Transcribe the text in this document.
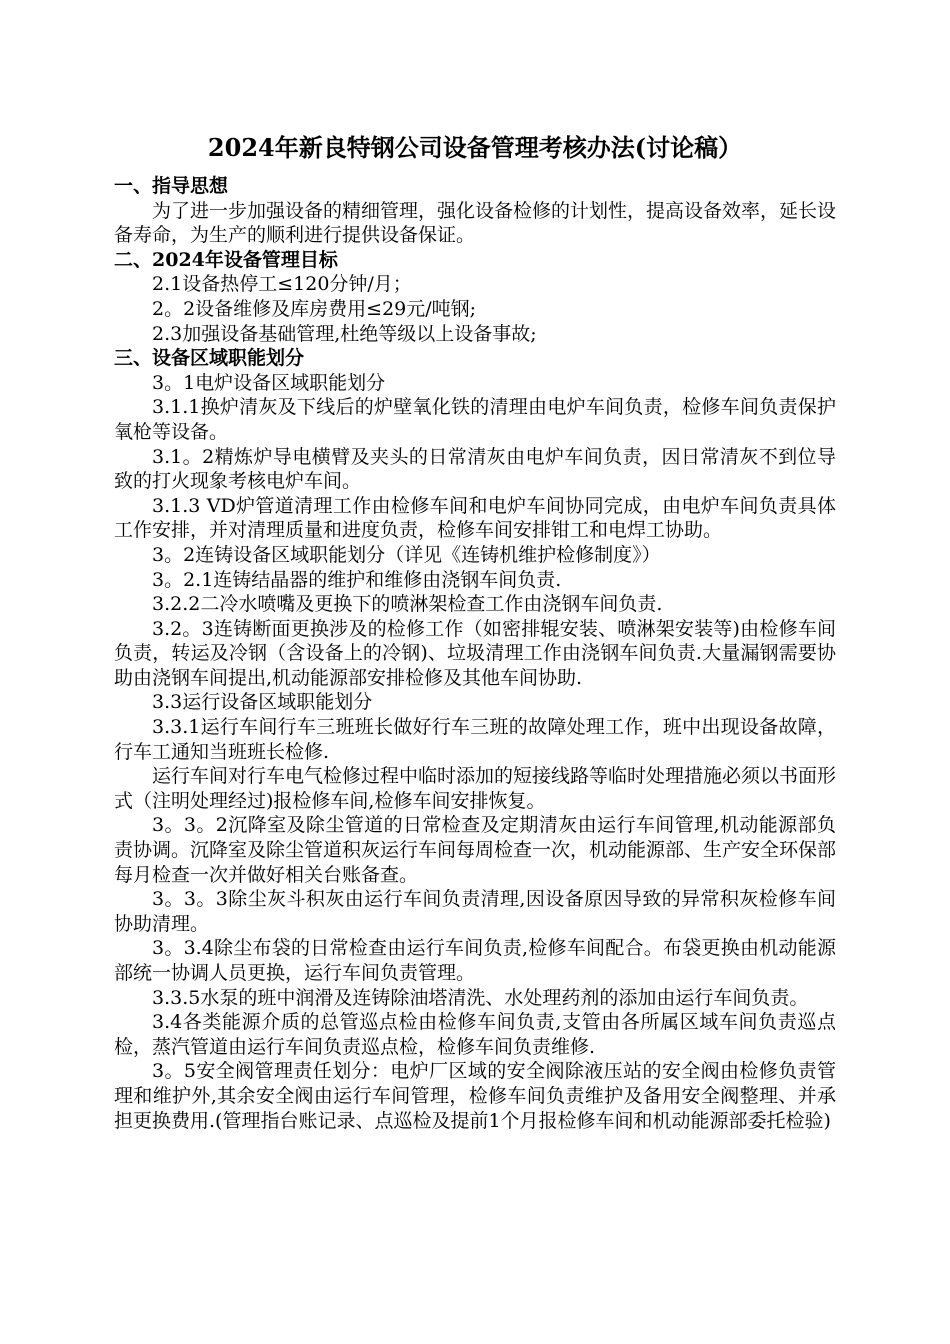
2024年新良特钢公司设备管理考核办法(讨论稿）

一、指导思想

为了进一步加强设备的精细管理，强化设备检修的计划性，提高设备效率，延长设备寿命，为生产的顺利进行提供设备保证。

二、2024年设备管理目标

2.1设备热停工≤120分钟/月；

2。2设备维修及库房费用≤29元/吨钢;

2.3加强设备基础管理,杜绝等级以上设备事故;

三、设备区域职能划分

3。1电炉设备区域职能划分

3.1.1换炉清灰及下线后的炉壁氧化铁的清理由电炉车间负责，检修车间负责保护氧枪等设备。

3.1。2精炼炉导电横臂及夹头的日常清灰由电炉车间负责，因日常清灰不到位导致的打火现象考核电炉车间。

3.1.3 VD炉管道清理工作由检修车间和电炉车间协同完成，由电炉车间负责具体工作安排，并对清理质量和进度负责，检修车间安排钳工和电焊工协助。

3。2连铸设备区域职能划分（详见《连铸机维护检修制度》）

3。2.1连铸结晶器的维护和维修由浇钢车间负责.

3.2.2二冷水喷嘴及更换下的喷淋架检查工作由浇钢车间负责.

3.2。3连铸断面更换涉及的检修工作（如密排辊安装、喷淋架安装等)由检修车间负责，转运及冷钢（含设备上的冷钢)、垃圾清理工作由浇钢车间负责.大量漏钢需要协助由浇钢车间提出,机动能源部安排检修及其他车间协助.

3.3运行设备区域职能划分

3.3.1运行车间行车三班班长做好行车三班的故障处理工作，班中出现设备故障，行车工通知当班班长检修.

运行车间对行车电气检修过程中临时添加的短接线路等临时处理措施必须以书面形式（注明处理经过)报检修车间,检修车间安排恢复。

3。3。2沉降室及除尘管道的日常检查及定期清灰由运行车间管理,机动能源部负责协调。沉降室及除尘管道积灰运行车间每周检查一次，机动能源部、生产安全环保部每月检查一次并做好相关台账备查。

3。3。3除尘灰斗积灰由运行车间负责清理,因设备原因导致的异常积灰检修车间协助清理。

3。3.4除尘布袋的日常检查由运行车间负责,检修车间配合。布袋更换由机动能源部统一协调人员更换，运行车间负责管理。

3.3.5水泵的班中润滑及连铸除油塔清洗、水处理药剂的添加由运行车间负责。

3.4各类能源介质的总管巡点检由检修车间负责,支管由各所属区域车间负责巡点检，蒸汽管道由运行车间负责巡点检，检修车间负责维修.

3。5安全阀管理责任划分：电炉厂区域的安全阀除液压站的安全阀由检修负责管理和维护外,其余安全阀由运行车间管理，检修车间负责维护及备用安全阀整理、并承担更换费用.(管理指台账记录、点巡检及提前1个月报检修车间和机动能源部委托检验)
